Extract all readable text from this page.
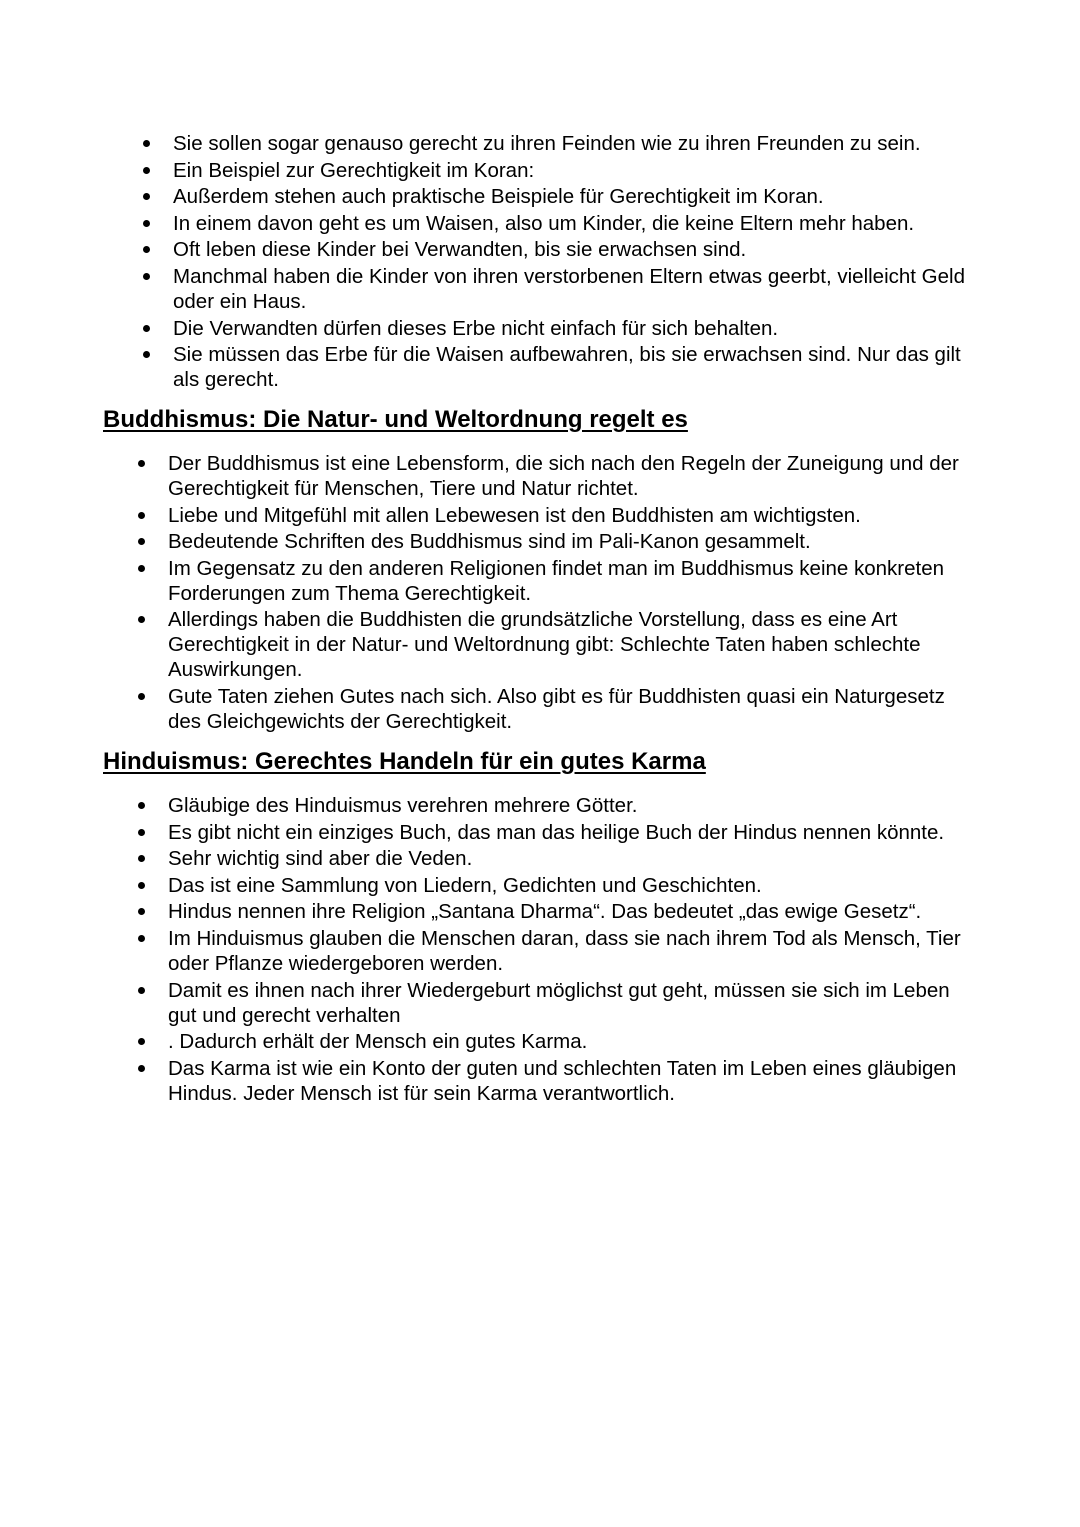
Sie sollen sogar genauso gerecht zu ihren Feinden wie zu ihren Freunden zu sein.
Ein Beispiel zur Gerechtigkeit im Koran:
Außerdem stehen auch praktische Beispiele für Gerechtigkeit im Koran.
In einem davon geht es um Waisen, also um Kinder, die keine Eltern mehr haben.
Oft leben diese Kinder bei Verwandten, bis sie erwachsen sind.
Manchmal haben die Kinder von ihren verstorbenen Eltern etwas geerbt, vielleicht Geld oder ein Haus.
Die Verwandten dürfen dieses Erbe nicht einfach für sich behalten.
Sie müssen das Erbe für die Waisen aufbewahren, bis sie erwachsen sind. Nur das gilt als gerecht.
Buddhismus: Die Natur- und Weltordnung regelt es
Der Buddhismus ist eine Lebensform, die sich nach den Regeln der Zuneigung und der Gerechtigkeit für Menschen, Tiere und Natur richtet.
Liebe und Mitgefühl mit allen Lebewesen ist den Buddhisten am wichtigsten.
Bedeutende Schriften des Buddhismus sind im Pali-Kanon gesammelt.
Im Gegensatz zu den anderen Religionen findet man im Buddhismus keine konkreten Forderungen zum Thema Gerechtigkeit.
Allerdings haben die Buddhisten die grundsätzliche Vorstellung, dass es eine Art Gerechtigkeit in der Natur- und Weltordnung gibt: Schlechte Taten haben schlechte Auswirkungen.
Gute Taten ziehen Gutes nach sich. Also gibt es für Buddhisten quasi ein Naturgesetz des Gleichgewichts der Gerechtigkeit.
Hinduismus: Gerechtes Handeln für ein gutes Karma
Gläubige des Hinduismus verehren mehrere Götter.
Es gibt nicht ein einziges Buch, das man das heilige Buch der Hindus nennen könnte.
Sehr wichtig sind aber die Veden.
Das ist eine Sammlung von Liedern, Gedichten und Geschichten.
Hindus nennen ihre Religion „Santana Dharma“. Das bedeutet „das ewige Gesetz“.
Im Hinduismus glauben die Menschen daran, dass sie nach ihrem Tod als Mensch, Tier oder Pflanze wiedergeboren werden.
Damit es ihnen nach ihrer Wiedergeburt möglichst gut geht, müssen sie sich im Leben gut und gerecht verhalten
. Dadurch erhält der Mensch ein gutes Karma.
Das Karma ist wie ein Konto der guten und schlechten Taten im Leben eines gläubigen Hindus. Jeder Mensch ist für sein Karma verantwortlich.
